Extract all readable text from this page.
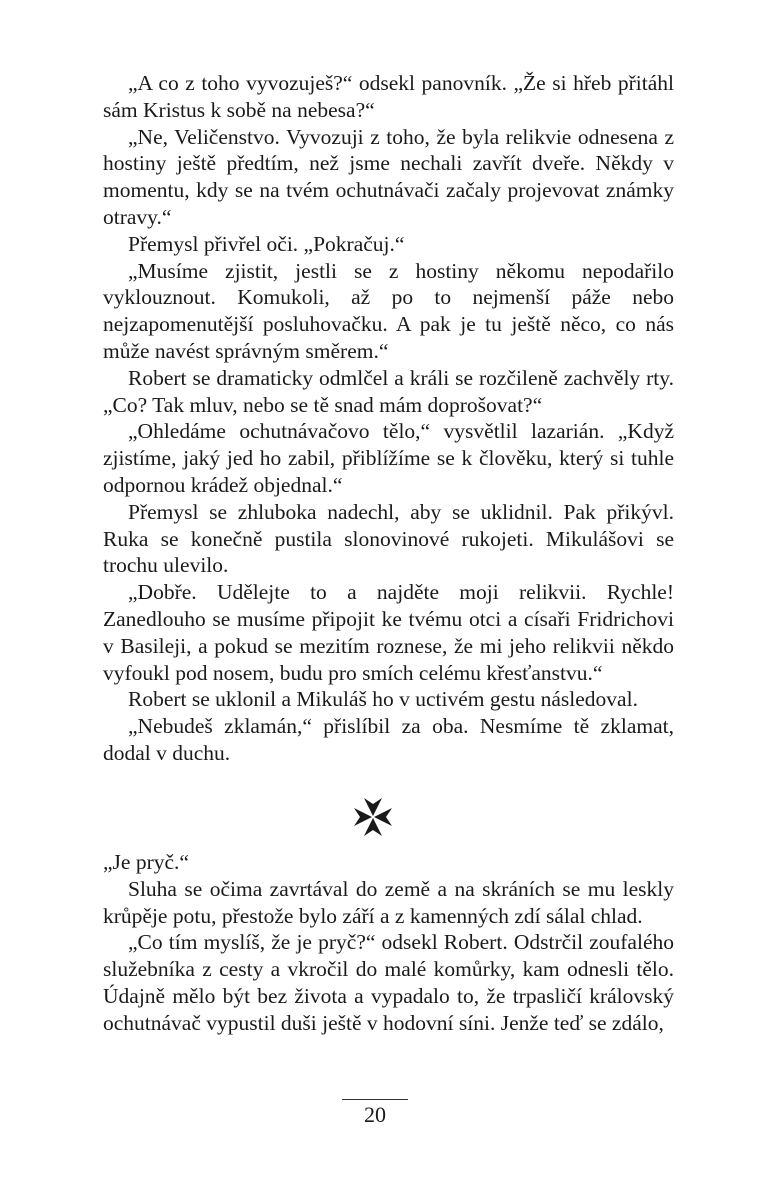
„A co z toho vyvozuješ?“ odsekl panovník. „Že si hřeb přitáhl sám Kristus k sobě na nebesa?“

„Ne, Veličenstvo. Vyvozuji z toho, že byla relikvie odnesena z hostiny ještě předtím, než jsme nechali zavřít dveře. Někdy v momentu, kdy se na tvém ochutnávači začaly projevovat známky otravy.“

Přemysl přivřel oči. „Pokračuj.“

„Musíme zjistit, jestli se z hostiny někomu nepodařilo vyklouznout. Komukoli, až po to nejmenší páže nebo nejzapomenutější posluhovačku. A pak je tu ještě něco, co nás může navést správným směrem.“

Robert se dramaticky odmlčel a králi se rozčileně zachvěly rty. „Co? Tak mluv, nebo se tě snad mám doprošovat?“

„Ohledáme ochutnávačovo tělo,“ vysvětlil lazarián. „Když zjistíme, jaký jed ho zabil, přiblížíme se k člověku, který si tuhle odpornou krádež objednal.“

Přemysl se zhluboka nadechl, aby se uklidnil. Pak přikývl. Ruka se konečně pustila slonovinové rukojeti. Mikulášovi se trochu ulevilo.

„Dobře. Udělejte to a najděte moji relikvii. Rychle! Zanedlouho se musíme připojit ke tvému otci a císaři Fridrichovi v Basileji, a pokud se mezitím roznese, že mi jeho relikvii někdo vyfoukl pod nosem, budu pro smích celému křesťanstvu.“

Robert se uklonil a Mikuláš ho v uctivém gestu následoval.

„Nebudeš zklamán,“ přislíbil za oba. Nesmíme tě zklamat, dodal v duchu.

„Je pryč.“

Sluha se očima zavrtával do země a na skráních se mu leskly krůpěje potu, přestože bylo září a z kamenných zdí sálal chlad.

„Co tím myslíš, že je pryč?“ odsekl Robert. Odstrčil zoufalého služebníka z cesty a vkročil do malé komůrky, kam odnesli tělo. Údajně mělo být bez života a vypadalo to, že trpasličí královský ochutnávač vypustil duši ještě v hodovní síni. Jenže teď se zdálo,

20
